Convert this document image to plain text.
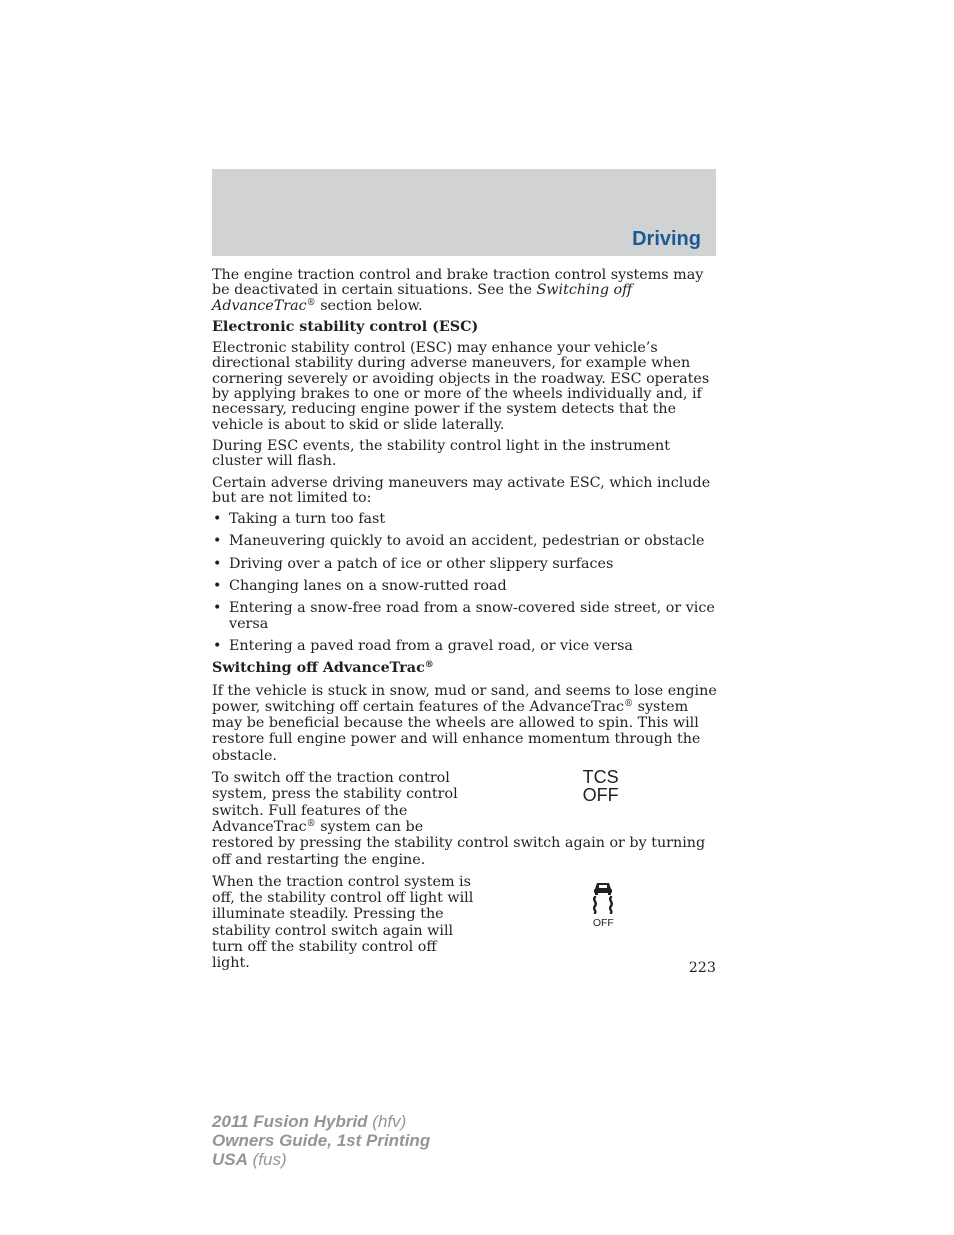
Driving

The engine traction control and brake traction control systems may be deactivated in certain situations. See the Switching off AdvanceTrac® section below.

Electronic stability control (ESC)

Electronic stability control (ESC) may enhance your vehicle’s directional stability during adverse maneuvers, for example when cornering severely or avoiding objects in the roadway. ESC operates by applying brakes to one or more of the wheels individually and, if necessary, reducing engine power if the system detects that the vehicle is about to skid or slide laterally.

During ESC events, the stability control light in the instrument cluster will flash.

Certain adverse driving maneuvers may activate ESC, which include but are not limited to:

• Taking a turn too fast
• Maneuvering quickly to avoid an accident, pedestrian or obstacle
• Driving over a patch of ice or other slippery surfaces
• Changing lanes on a snow-rutted road
• Entering a snow-free road from a snow-covered side street, or vice versa
• Entering a paved road from a gravel road, or vice versa
Switching off AdvanceTrac®

If the vehicle is stuck in snow, mud or sand, and seems to lose engine power, switching off certain features of the AdvanceTrac® system may be beneficial because the wheels are allowed to spin. This will restore full engine power and will enhance momentum through the obstacle.

To switch off the traction control
system, press the stability control
switch. Full features of the
AdvanceTrac® system can be
TCS
OFF

restored by pressing the stability control switch again or by turning off and restarting the engine.

When the traction control system is
off, the stability control off light will
illuminate steadily. Pressing the
stability control switch again will
turn off the stability control off
light.
OFF
223
2011 Fusion Hybrid (hfv)
Owners Guide, 1st Printing
USA (fus)
